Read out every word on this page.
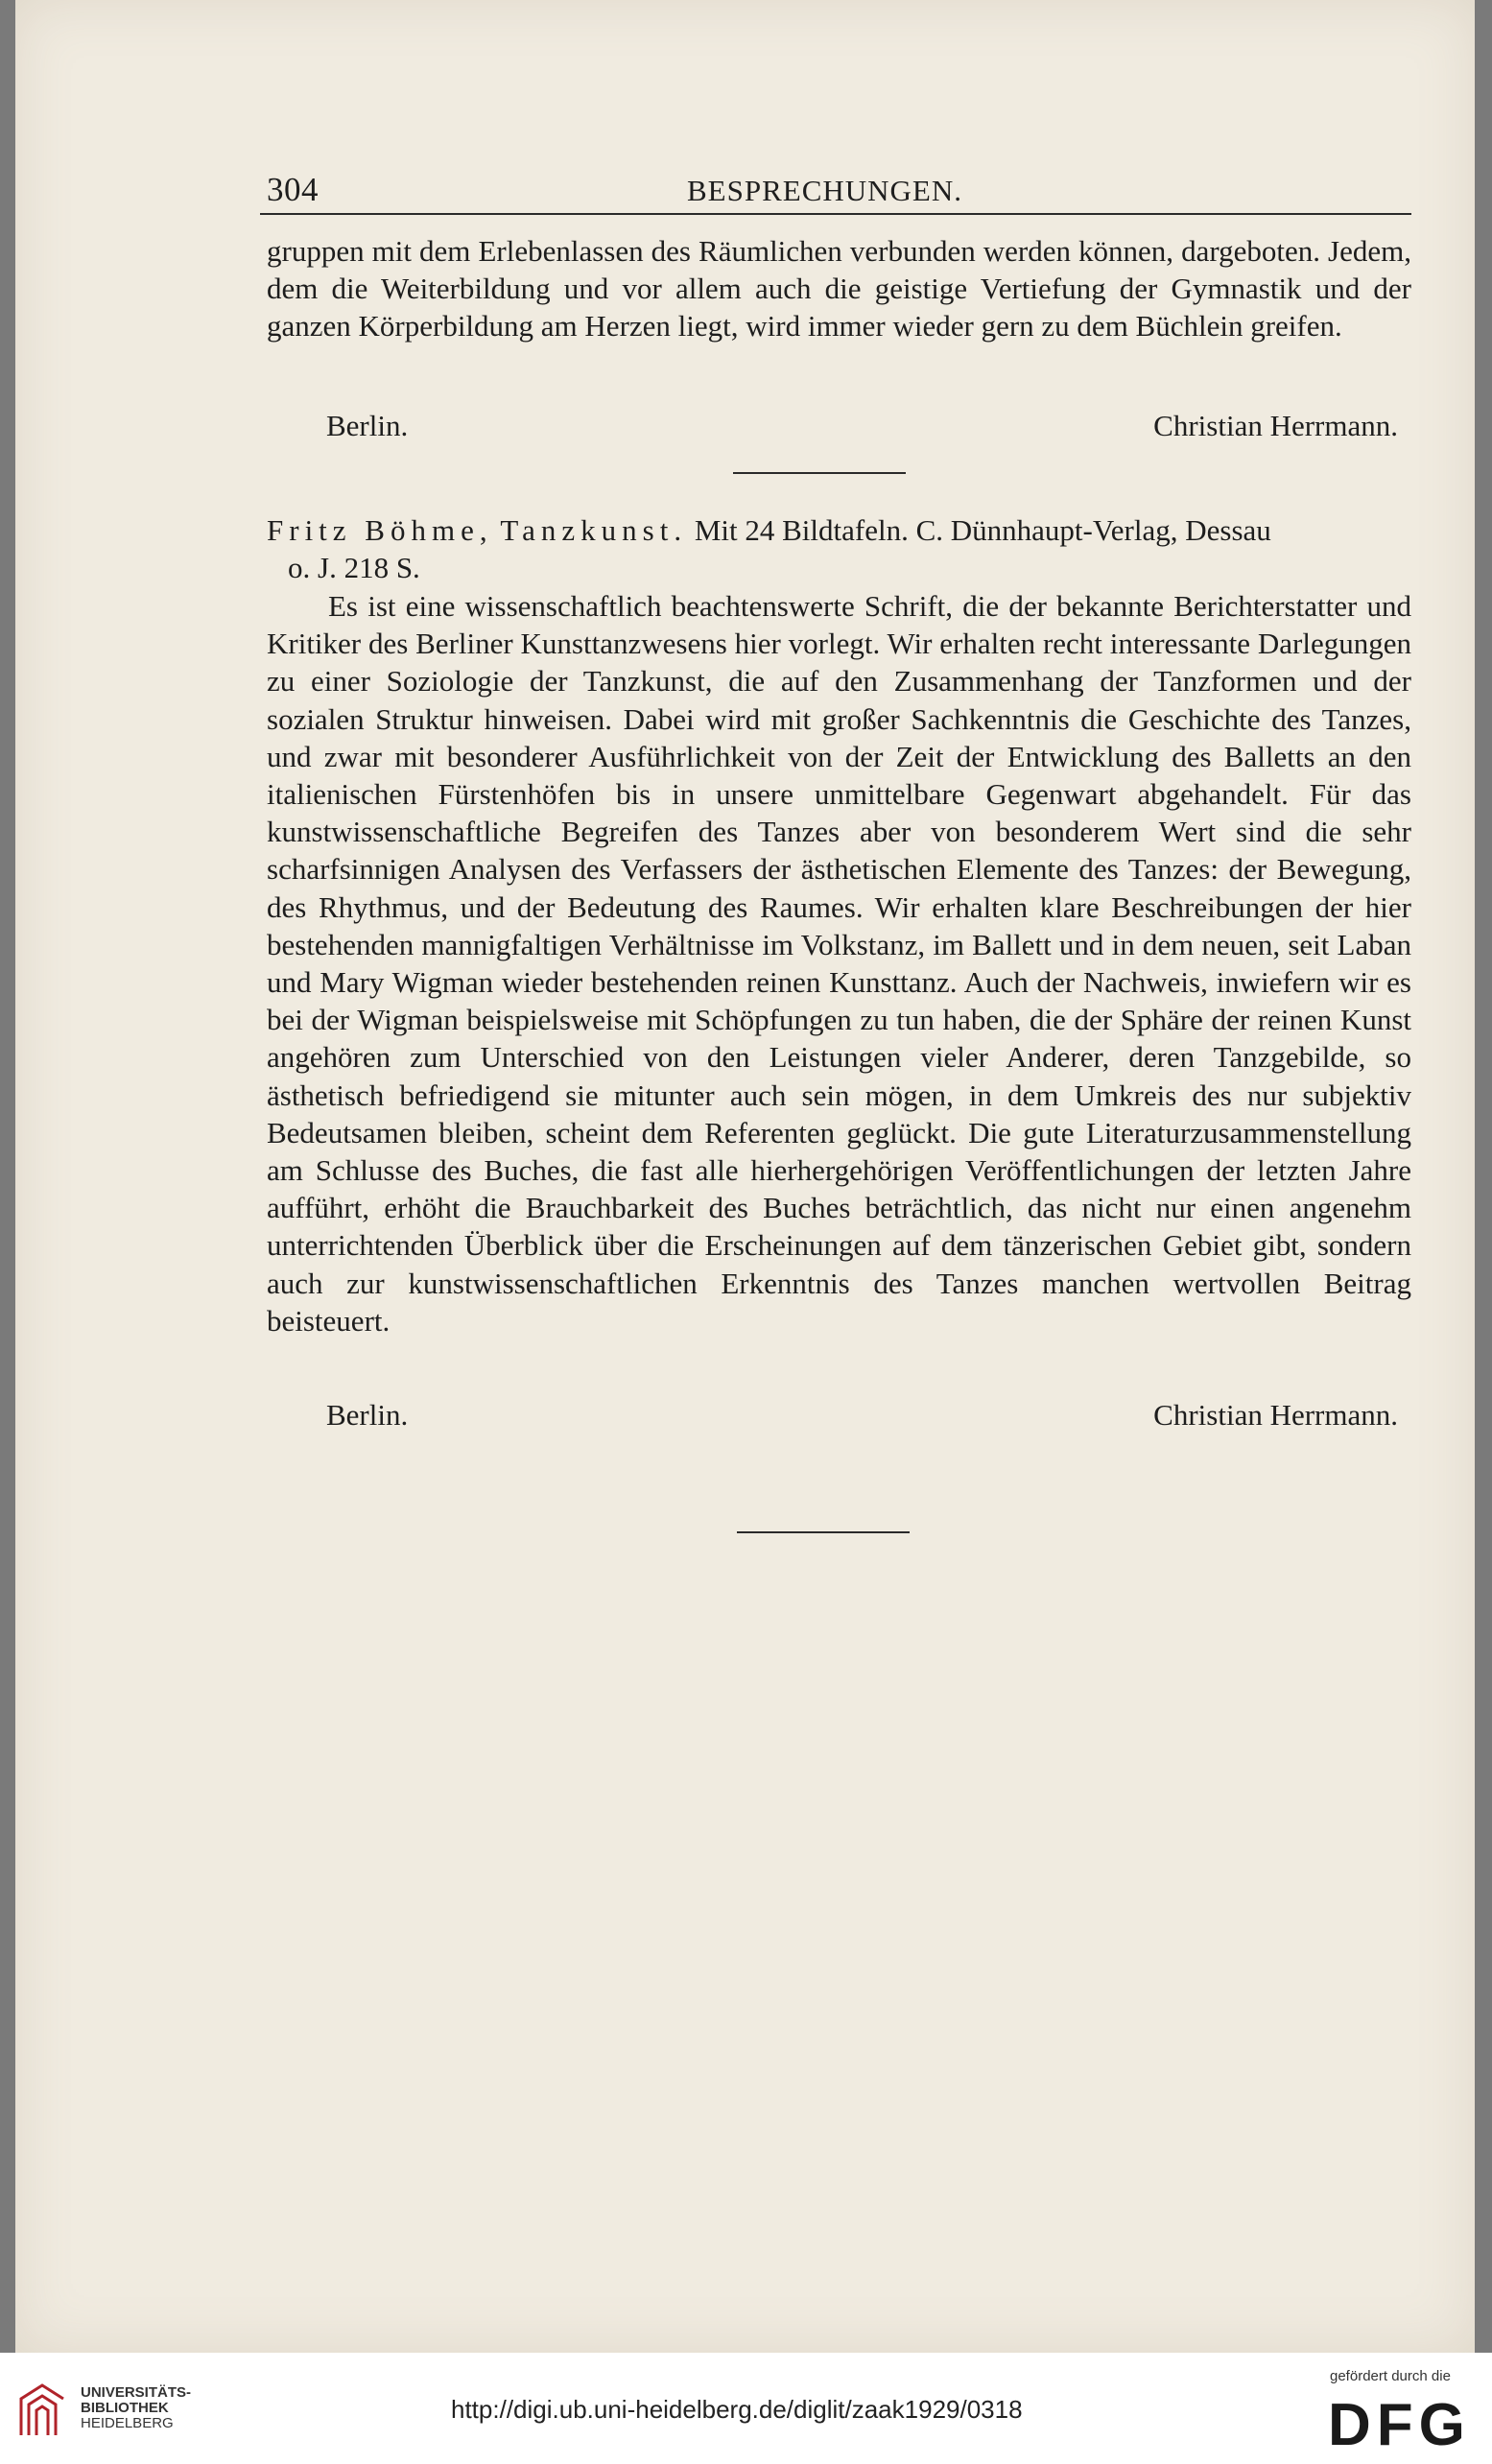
304	BESPRECHUNGEN.

gruppen mit dem Erlebenlassen des Räumlichen verbunden werden können, dargeboten. Jedem, dem die Weiterbildung und vor allem auch die geistige Vertiefung der Gymnastik und der ganzen Körperbildung am Herzen liegt, wird immer wieder gern zu dem Büchlein greifen.

Berlin.	Christian Herrmann.
Fritz Böhme, Tanzkunst. Mit 24 Bildtafeln. C. Dünnhaupt-Verlag, Dessau
o. J. 218 S.

Es ist eine wissenschaftlich beachtenswerte Schrift, die der bekannte Berichterstatter und Kritiker des Berliner Kunsttanzwesens hier vorlegt. Wir erhalten recht interessante Darlegungen zu einer Soziologie der Tanzkunst, die auf den Zusammenhang der Tanzformen und der sozialen Struktur hinweisen. Dabei wird mit großer Sachkenntnis die Geschichte des Tanzes, und zwar mit besonderer Ausführlichkeit von der Zeit der Entwicklung des Balletts an den italienischen Fürstenhöfen bis in unsere unmittelbare Gegenwart abgehandelt. Für das kunstwissenschaftliche Begreifen des Tanzes aber von besonderem Wert sind die sehr scharfsinnigen Analysen des Verfassers der ästhetischen Elemente des Tanzes: der Bewegung, des Rhythmus, und der Bedeutung des Raumes. Wir erhalten klare Beschreibungen der hier bestehenden mannigfaltigen Verhältnisse im Volkstanz, im Ballett und in dem neuen, seit Laban und Mary Wigman wieder bestehenden reinen Kunsttanz. Auch der Nachweis, inwiefern wir es bei der Wigman beispielsweise mit Schöpfungen zu tun haben, die der Sphäre der reinen Kunst angehören zum Unterschied von den Leistungen vieler Anderer, deren Tanzgebilde, so ästhetisch befriedigend sie mitunter auch sein mögen, in dem Umkreis des nur subjektiv Bedeutsamen bleiben, scheint dem Referenten geglückt. Die gute Literaturzusammenstellung am Schlusse des Buches, die fast alle hierhergehörigen Veröffentlichungen der letzten Jahre aufführt, erhöht die Brauchbarkeit des Buches beträchtlich, das nicht nur einen angenehm unterrichtenden Überblick über die Erscheinungen auf dem tänzerischen Gebiet gibt, sondern auch zur kunstwissenschaftlichen Erkenntnis des Tanzes manchen wertvollen Beitrag beisteuert.

Berlin.	Christian Herrmann.
UNIVERSITÄTS-
BIBLIOTHEK
HEIDELBERG	http://digi.ub.uni-heidelberg.de/diglit/zaak1929/0318
gefördert durch die
DFG
